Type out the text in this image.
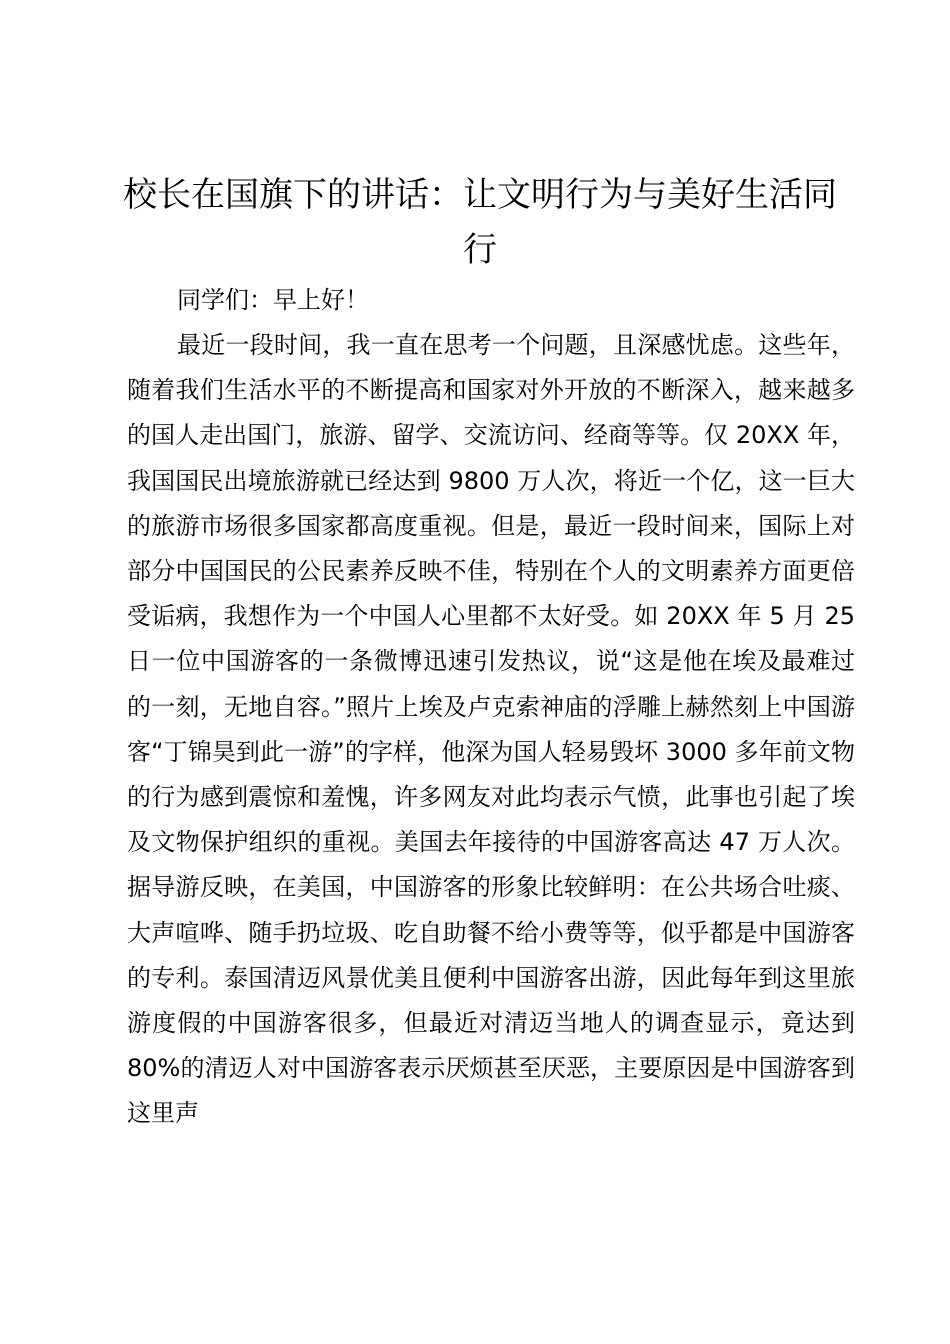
校长在国旗下的讲话：让文明行为与美好生活同行

同学们：早上好！

最近一段时间，我一直在思考一个问题，且深感忧虑。这些年，随着我们生活水平的不断提高和国家对外开放的不断深入，越来越多的国人走出国门，旅游、留学、交流访问、经商等等。仅 20XX 年，我国国民出境旅游就已经达到 9800 万人次，将近一个亿，这一巨大的旅游市场很多国家都高度重视。但是，最近一段时间来，国际上对部分中国国民的公民素养反映不佳，特别在个人的文明素养方面更倍受诟病，我想作为一个中国人心里都不太好受。如 20XX 年 5 月 25 日一位中国游客的一条微博迅速引发热议，说“这是他在埃及最难过的一刻，无地自容。”照片上埃及卢克索神庙的浮雕上赫然刻上中国游客“丁锦昊到此一游”的字样，他深为国人轻易毁坏 3000 多年前文物的行为感到震惊和羞愧，许多网友对此均表示气愤，此事也引起了埃及文物保护组织的重视。美国去年接待的中国游客高达 47 万人次。据导游反映，在美国，中国游客的形象比较鲜明：在公共场合吐痰、大声喧哗、随手扔垃圾、吃自助餐不给小费等等，似乎都是中国游客的专利。泰国清迈风景优美且便利中国游客出游，因此每年到这里旅游度假的中国游客很多，但最近对清迈当地人的调查显示，竟达到 80%的清迈人对中国游客表示厌烦甚至厌恶，主要原因是中国游客到这里声
